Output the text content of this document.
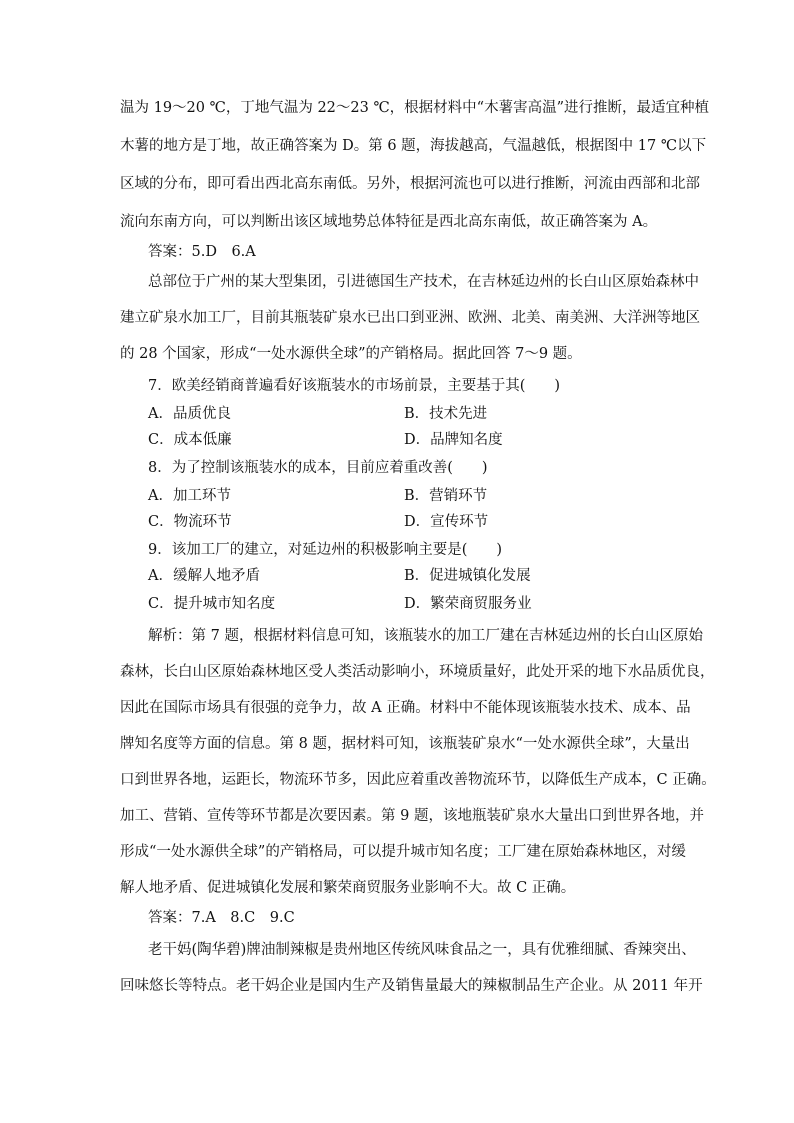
温为 19～20 ℃，丁地气温为 22～23 ℃，根据材料中“木薯害高温”进行推断，最适宜种植
木薯的地方是丁地，故正确答案为 D。第 6 题，海拔越高，气温越低，根据图中 17 ℃以下
区域的分布，即可看出西北高东南低。另外，根据河流也可以进行推断，河流由西部和北部
流向东南方向，可以判断出该区域地势总体特征是西北高东南低，故正确答案为 A。
答案：5.D　6.A
总部位于广州的某大型集团，引进德国生产技术，在吉林延边州的长白山区原始森林中
建立矿泉水加工厂，目前其瓶装矿泉水已出口到亚洲、欧洲、北美、南美洲、大洋洲等地区
的 28 个国家，形成“一处水源供全球”的产销格局。据此回答 7～9 题。
7．欧美经销商普遍看好该瓶装水的市场前景，主要基于其(　　)
A．品质优良	B．技术先进
C．成本低廉	D．品牌知名度
8．为了控制该瓶装水的成本，目前应着重改善(　　)
A．加工环节	B．营销环节
C．物流环节	D．宣传环节
9．该加工厂的建立，对延边州的积极影响主要是(　　)
A．缓解人地矛盾	B．促进城镇化发展
C．提升城市知名度	D．繁荣商贸服务业
解析：第 7 题，根据材料信息可知，该瓶装水的加工厂建在吉林延边州的长白山区原始
森林，长白山区原始森林地区受人类活动影响小，环境质量好，此处开采的地下水品质优良，
因此在国际市场具有很强的竞争力，故 A 正确。材料中不能体现该瓶装水技术、成本、品
牌知名度等方面的信息。第 8 题，据材料可知，该瓶装矿泉水“一处水源供全球”，大量出
口到世界各地，运距长，物流环节多，因此应着重改善物流环节，以降低生产成本，C 正确。
加工、营销、宣传等环节都是次要因素。第 9 题，该地瓶装矿泉水大量出口到世界各地，并
形成“一处水源供全球”的产销格局，可以提升城市知名度；工厂建在原始森林地区，对缓
解人地矛盾、促进城镇化发展和繁荣商贸服务业影响不大。故 C 正确。
答案：7.A　8.C　9.C
老干妈(陶华碧)牌油制辣椒是贵州地区传统风味食品之一，具有优雅细腻、香辣突出、
回味悠长等特点。老干妈企业是国内生产及销售量最大的辣椒制品生产企业。从 2011 年开
